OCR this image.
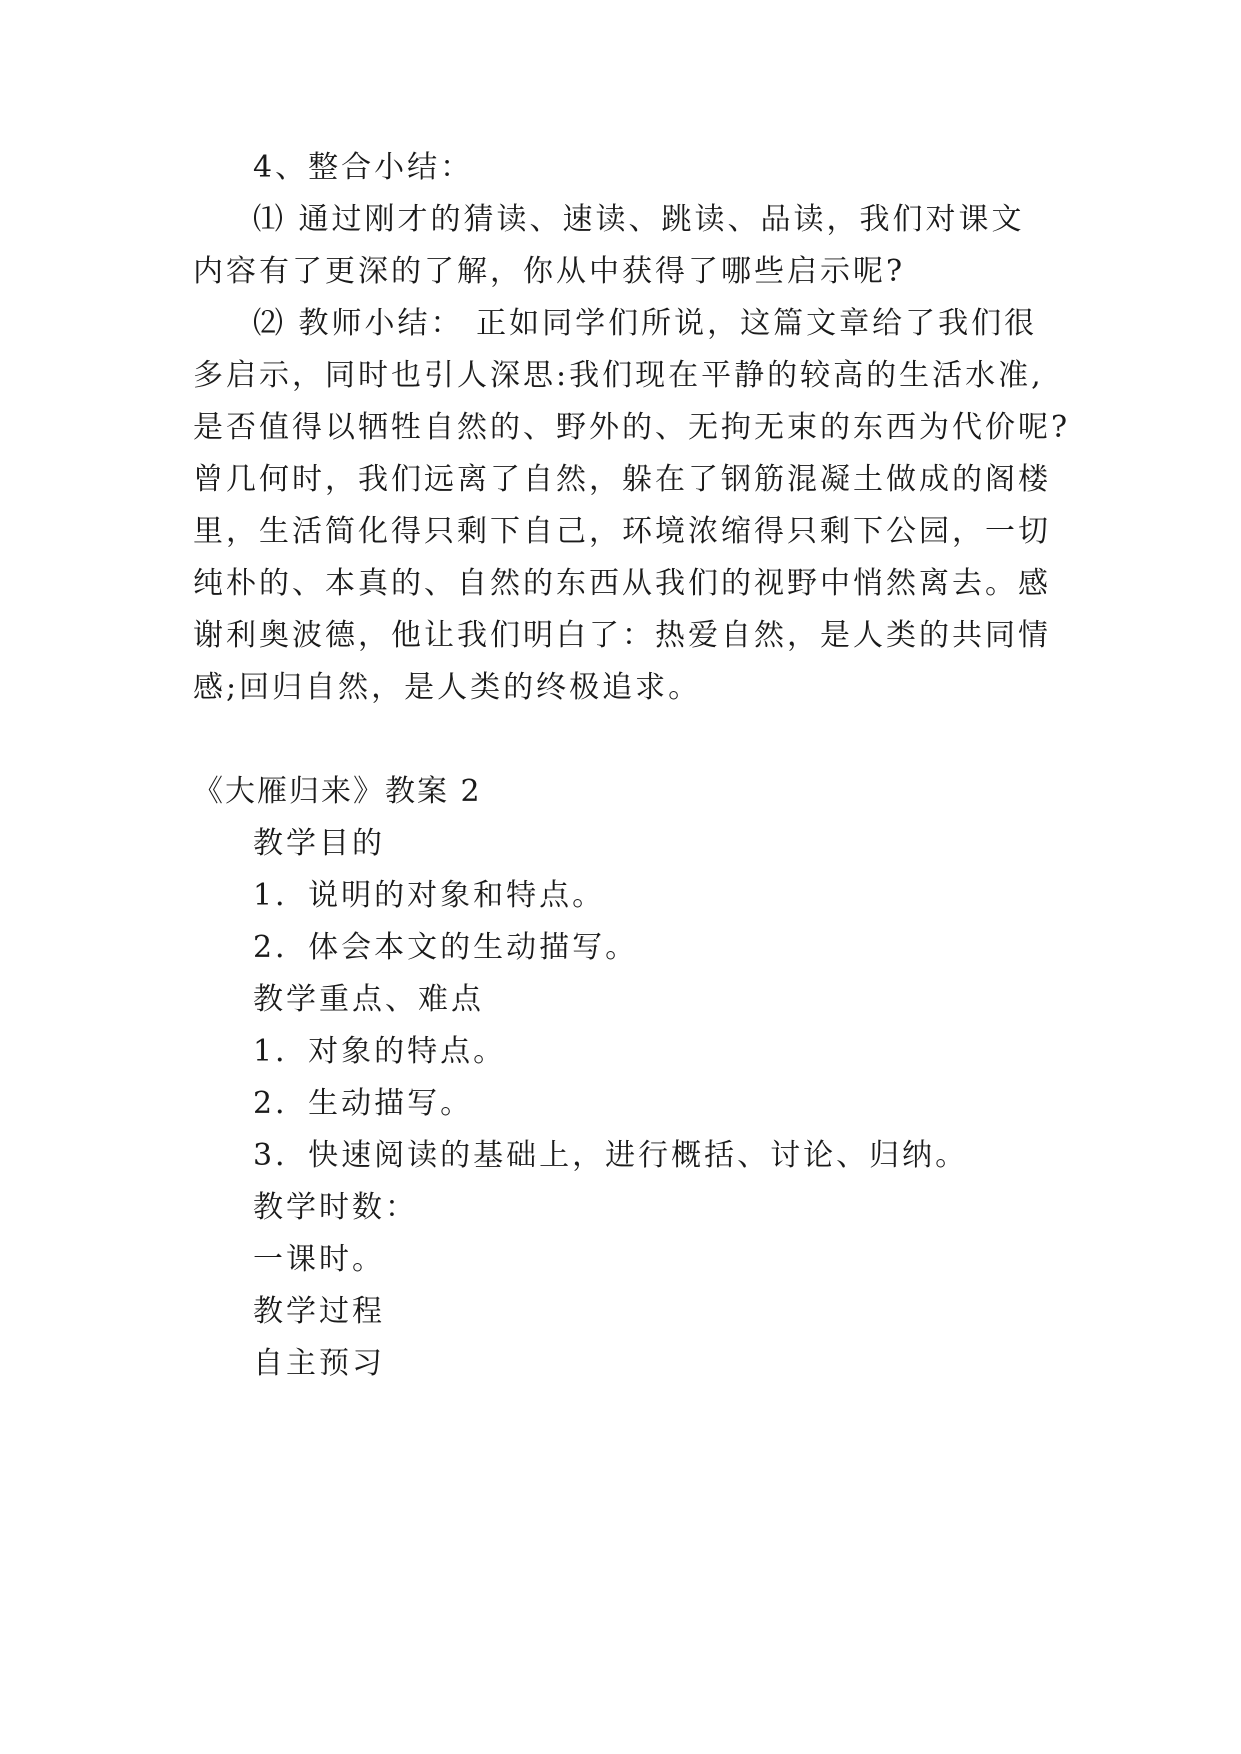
4、整合小结：
⑴ 通过刚才的猜读、速读、跳读、品读，我们对课文
内容有了更深的了解，你从中获得了哪些启示呢?
⑵ 教师小结： 正如同学们所说，这篇文章给了我们很
多启示，同时也引人深思:我们现在平静的较高的生活水准,
是否值得以牺牲自然的、野外的、无拘无束的东西为代价呢?
曾几何时，我们远离了自然，躲在了钢筋混凝土做成的阁楼
里，生活简化得只剩下自己，环境浓缩得只剩下公园，一切
纯朴的、本真的、自然的东西从我们的视野中悄然离去。感
谢利奥波德，他让我们明白了：热爱自然，是人类的共同情
感;回归自然，是人类的终极追求。
《大雁归来》教案 2
教学目的
1．说明的对象和特点。
2．体会本文的生动描写。
教学重点、难点
1．对象的特点。
2．生动描写。
3．快速阅读的基础上，进行概括、讨论、归纳。
教学时数：
一课时。
教学过程
自主预习
